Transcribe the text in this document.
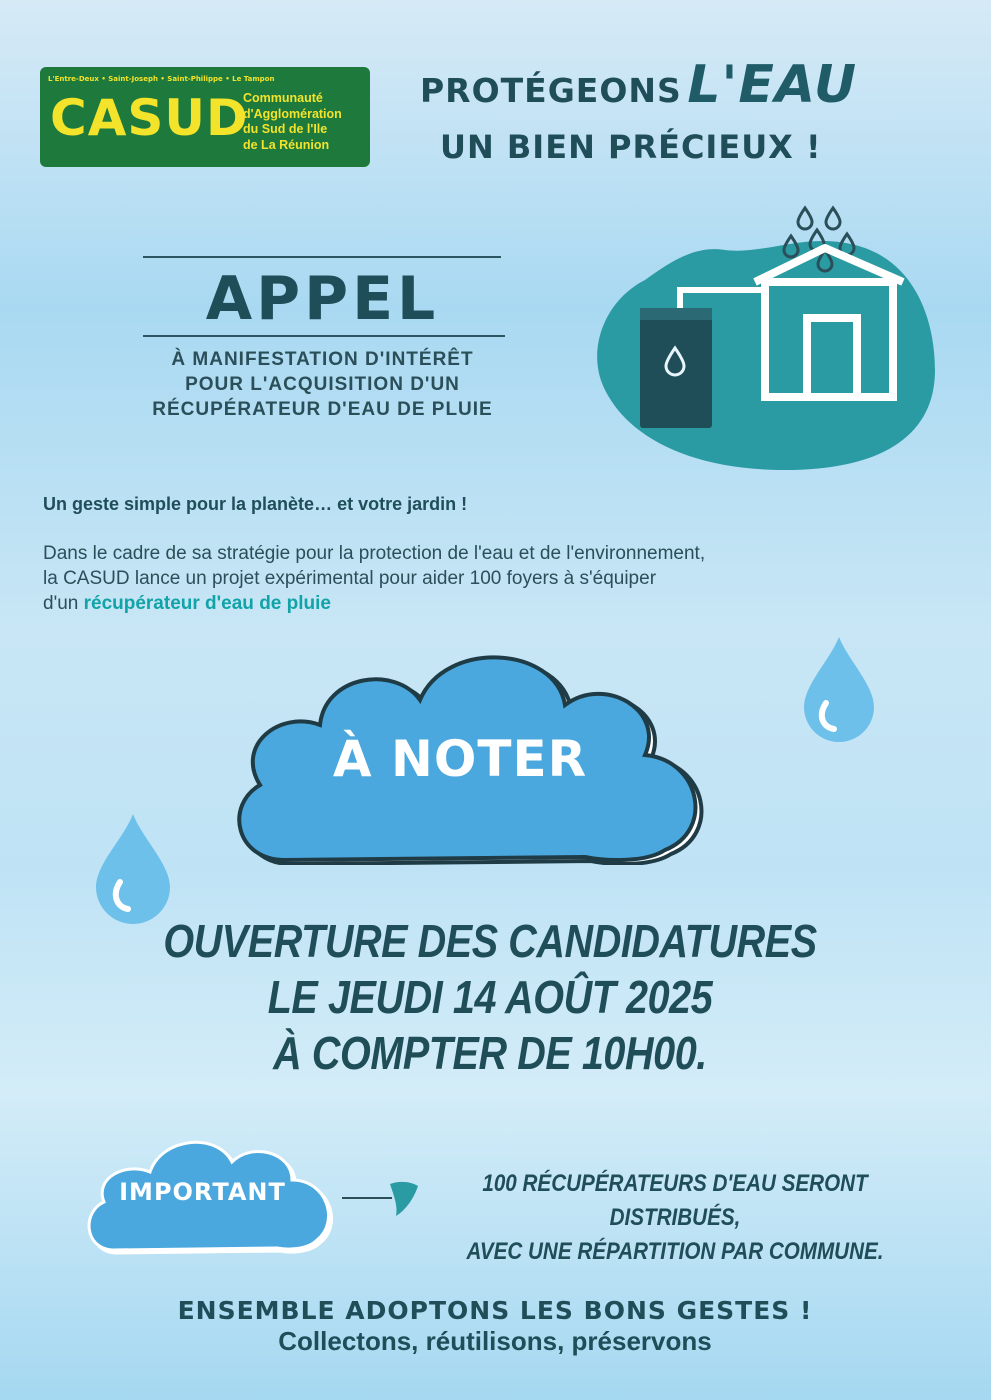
L'Entre-Deux • Saint-Joseph • Saint-Philippe • Le Tampon
CASUD
Communauté
d'Agglomération
du Sud de l'Ile
de La Réunion
PROTÉGEONS L'EAU
UN BIEN PRÉCIEUX !
APPEL
À MANIFESTATION D'INTÉRÊT
POUR L'ACQUISITION D'UN
RÉCUPÉRATEUR D'EAU DE PLUIE
Un geste simple pour la planète… et votre jardin !
Dans le cadre de sa stratégie pour la protection de l'eau et de l'environnement,
la CASUD lance un projet expérimental pour aider 100 foyers à s'équiper
d'un récupérateur d'eau de pluie
À NOTER
OUVERTURE DES CANDIDATURES
LE JEUDI 14 AOÛT 2025
À COMPTER DE 10H00.
IMPORTANT	100 RÉCUPÉRATEURS D'EAU SERONT DISTRIBUÉS,
AVEC UNE RÉPARTITION PAR COMMUNE.
ENSEMBLE ADOPTONS LES BONS GESTES !
Collectons, réutilisons, préservons
